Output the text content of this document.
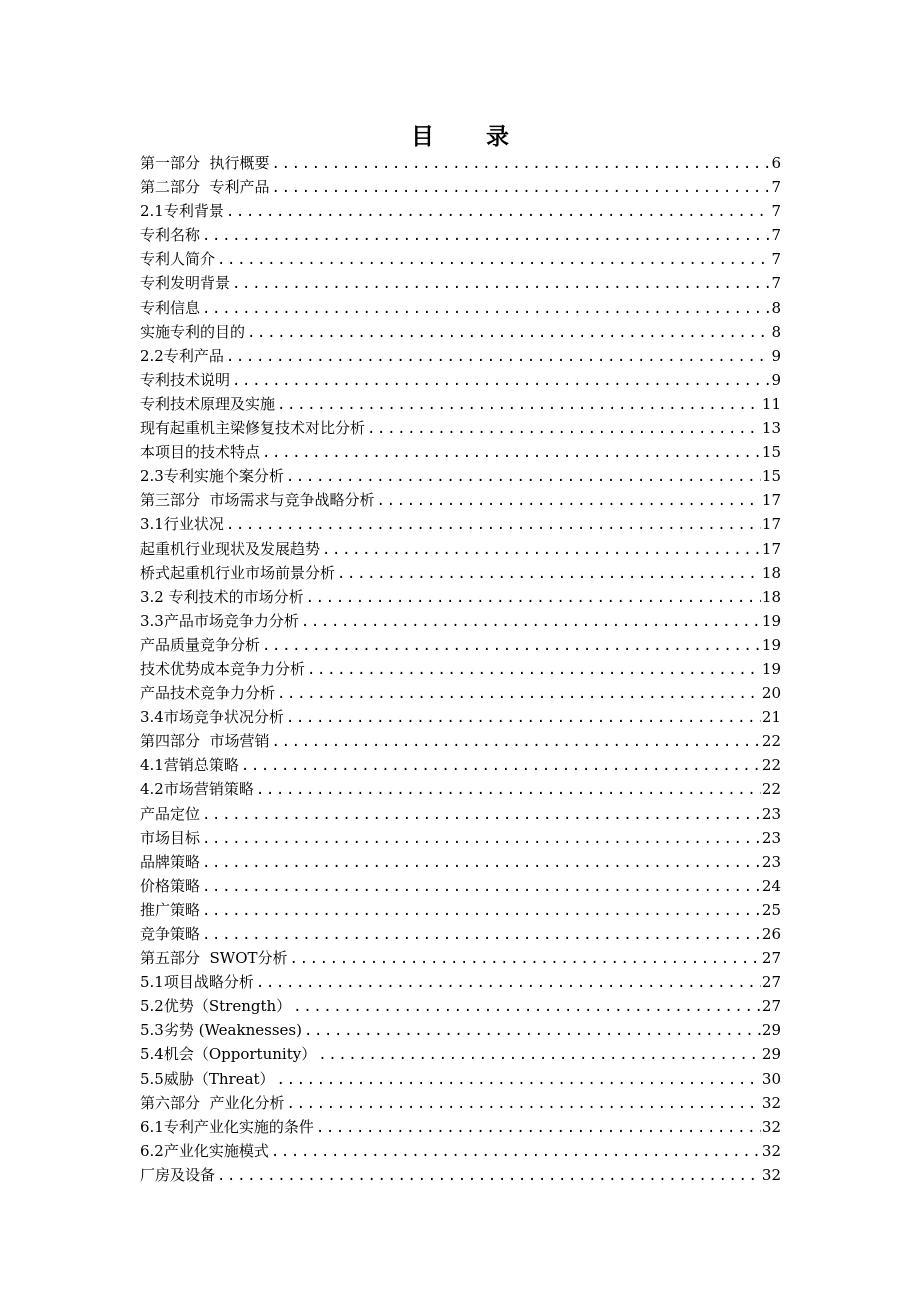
目 录
第一部分  执行概要 .....	6
第二部分  专利产品 .....	7
2.1专利背景 .....	7
专利名称 .....	7
专利人简介 .....	7
专利发明背景 .....	7
专利信息 .....	8
实施专利的目的 .....	8
2.2专利产品 .....	9
专利技术说明 .....	9
专利技术原理及实施 .....	11
现有起重机主梁修复技术对比分析 .....	13
本项目的技术特点 .....	15
2.3专利实施个案分析 .....	15
第三部分  市场需求与竞争战略分析 .....	17
3.1行业状况 .....	17
起重机行业现状及发展趋势 .....	17
桥式起重机行业市场前景分析 .....	18
3.2 专利技术的市场分析 .....	18
3.3产品市场竞争力分析 .....	19
产品质量竞争分析 .....	19
技术优势成本竞争力分析 .....	19
产品技术竞争力分析 .....	20
3.4市场竞争状况分析 .....	21
第四部分  市场营销 .....	22
4.1营销总策略 .....	22
4.2市场营销策略 .....	22
产品定位 .....	23
市场目标 .....	23
品牌策略 .....	23
价格策略 .....	24
推广策略 .....	25
竞争策略 .....	26
第五部分  SWOT分析 .....	27
5.1项目战略分析 .....	27
5.2优势（Strength） .....	27
5.3劣势 (Weaknesses) .....	29
5.4机会（Opportunity） .....	29
5.5威胁（Threat） .....	30
第六部分  产业化分析 .....	32
6.1专利产业化实施的条件 .....	32
6.2产业化实施模式 .....	32
厂房及设备 .....	32
